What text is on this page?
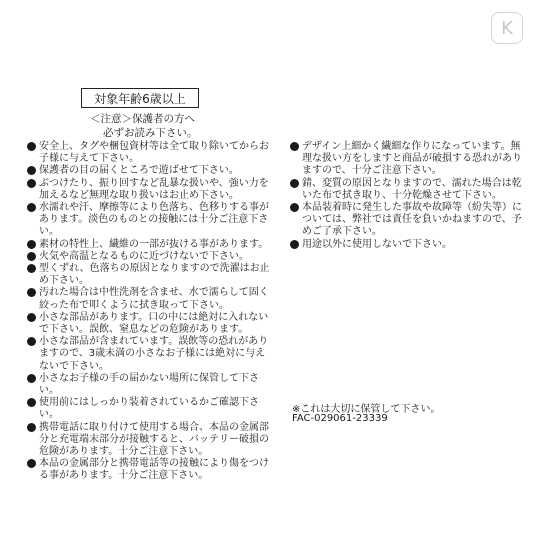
K
対象年齢6歳以上
＜注意＞保護者の方へ
必ずお読み下さい。
安全上、タグや梱包資材等は全て取り除いてからお子様に与えて下さい。
保護者の目の届くところで遊ばせて下さい。
ぶつけたり、振り回すなど乱暴な扱いや、強い力を加えるなど無理な取り扱いはお止め下さい。
水濡れや汗、摩擦等により色落ち、色移りする事があります。淡色のものとの接触には十分ご注意下さい。
素材の特性上、繊維の一部が抜ける事があります。
火気や高温となるものに近づけないで下さい。
型くずれ、色落ちの原因となりますので洗濯はお止め下さい。
汚れた場合は中性洗剤を含ませ、水で濡らして固く絞った布で叩くように拭き取って下さい。
小さな部品があります。口の中には絶対に入れないで下さい。誤飲、窒息などの危険があります。
小さな部品が含まれています。誤飲等の恐れがありますので、3歳未満の小さなお子様には絶対に与えないで下さい。
小さなお子様の手の届かない場所に保管して下さい。
使用前にはしっかり装着されているかご確認下さい。
携帯電話に取り付けて使用する場合、本品の金属部分と充電端末部分が接触すると、バッテリー破損の危険があります。十分ご注意下さい。
本品の金属部分と携帯電話等の接触により傷をつける事があります。十分ご注意下さい。
デザイン上細かく繊細な作りになっています。無理な扱い方をしますと商品が破損する恐れがありますので、十分ご注意下さい。
錆、変質の原因となりますので、濡れた場合は乾いた布で拭き取り、十分乾燥させて下さい。
本品装着時に発生した事故や故障等（紛失等）については、弊社では責任を負いかねますので、予めご了承下さい。
用途以外に使用しないで下さい。
※これは大切に保管して下さい。
FAC-029061-23339
